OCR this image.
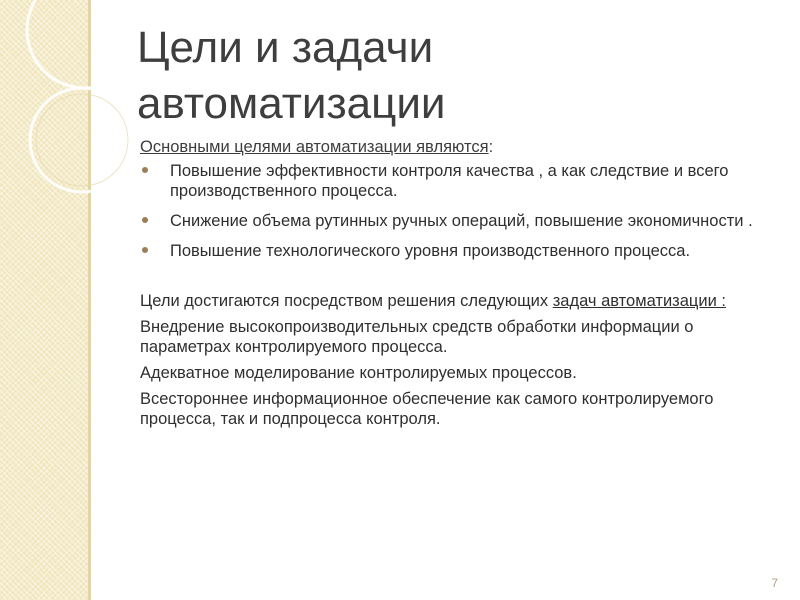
Цели и задачи
автоматизации
Основными целями автоматизации являются:
Повышение эффективности контроля качества , а как следствие и всего производственного процесса.
Снижение объема рутинных ручных операций, повышение экономичности .
Повышение технологического уровня производственного процесса.

Цели достигаются посредством решения следующих задач автоматизации :

Внедрение высокопроизводительных средств обработки информации о параметрах контролируемого процесса.
Адекватное моделирование контролируемых процессов.
Всестороннее информационное обеспечение как самого контролируемого процесса, так и подпроцесса контроля.
7
